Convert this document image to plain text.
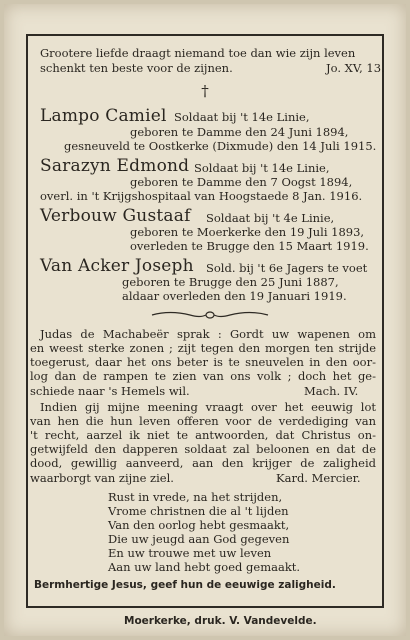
Grootere liefde draagt niemand toe dan wie zijn leven
schenkt ten beste voor de zijnen.	Jo. XV, 13.
†
Lampo Camiel Soldaat bij 't 14e Linie,
geboren te Damme den 24 Juni 1894,
gesneuveld te Oostkerke (Dixmude) den 14 Juli 1915.
Sarazyn Edmond Soldaat bij 't 14e Linie,
geboren te Damme den 7 Oogst 1894,
overl. in 't Krijgshospitaal van Hoogstaede 8 Jan. 1916.
Verbouw Gustaaf Soldaat bij 't 4e Linie,
geboren te Moerkerke den 19 Juli 1893,
overleden te Brugge den 15 Maart 1919.
Van Acker Joseph Sold. bij 't 6e Jagers te voet
geboren te Brugge den 25 Juni 1887,
aldaar overleden den 19 Januari 1919.
Judas de Machabeër sprak : Gordt uw wapenen om
en weest sterke zonen ; zijt tegen den morgen ten strijde
toegerust, daar het ons beter is te sneuvelen in den oor-
log dan de rampen te zien van ons volk ; doch het ge-
schiede naar 's Hemels wil.	Mach. IV.
Indien gij mijne meening vraagt over het eeuwig lot
van hen die hun leven offeren voor de verdediging van
't recht, aarzel ik niet te antwoorden, dat Christus on-
getwijfeld den dapperen soldaat zal beloonen en dat de
dood, gewillig aanveerd, aan den krijger de zaligheid
waarborgt van zijne ziel.	Kard. Mercier.
Rust in vrede, na het strijden,
Vrome christnen die al 't lijden
Van den oorlog hebt gesmaakt,
Die uw jeugd aan God gegeven
En uw trouwe met uw leven
Aan uw land hebt goed gemaakt.
Bermhertige Jesus, geef hun de eeuwige zaligheid.
Moerkerke, druk. V. Vandevelde.
